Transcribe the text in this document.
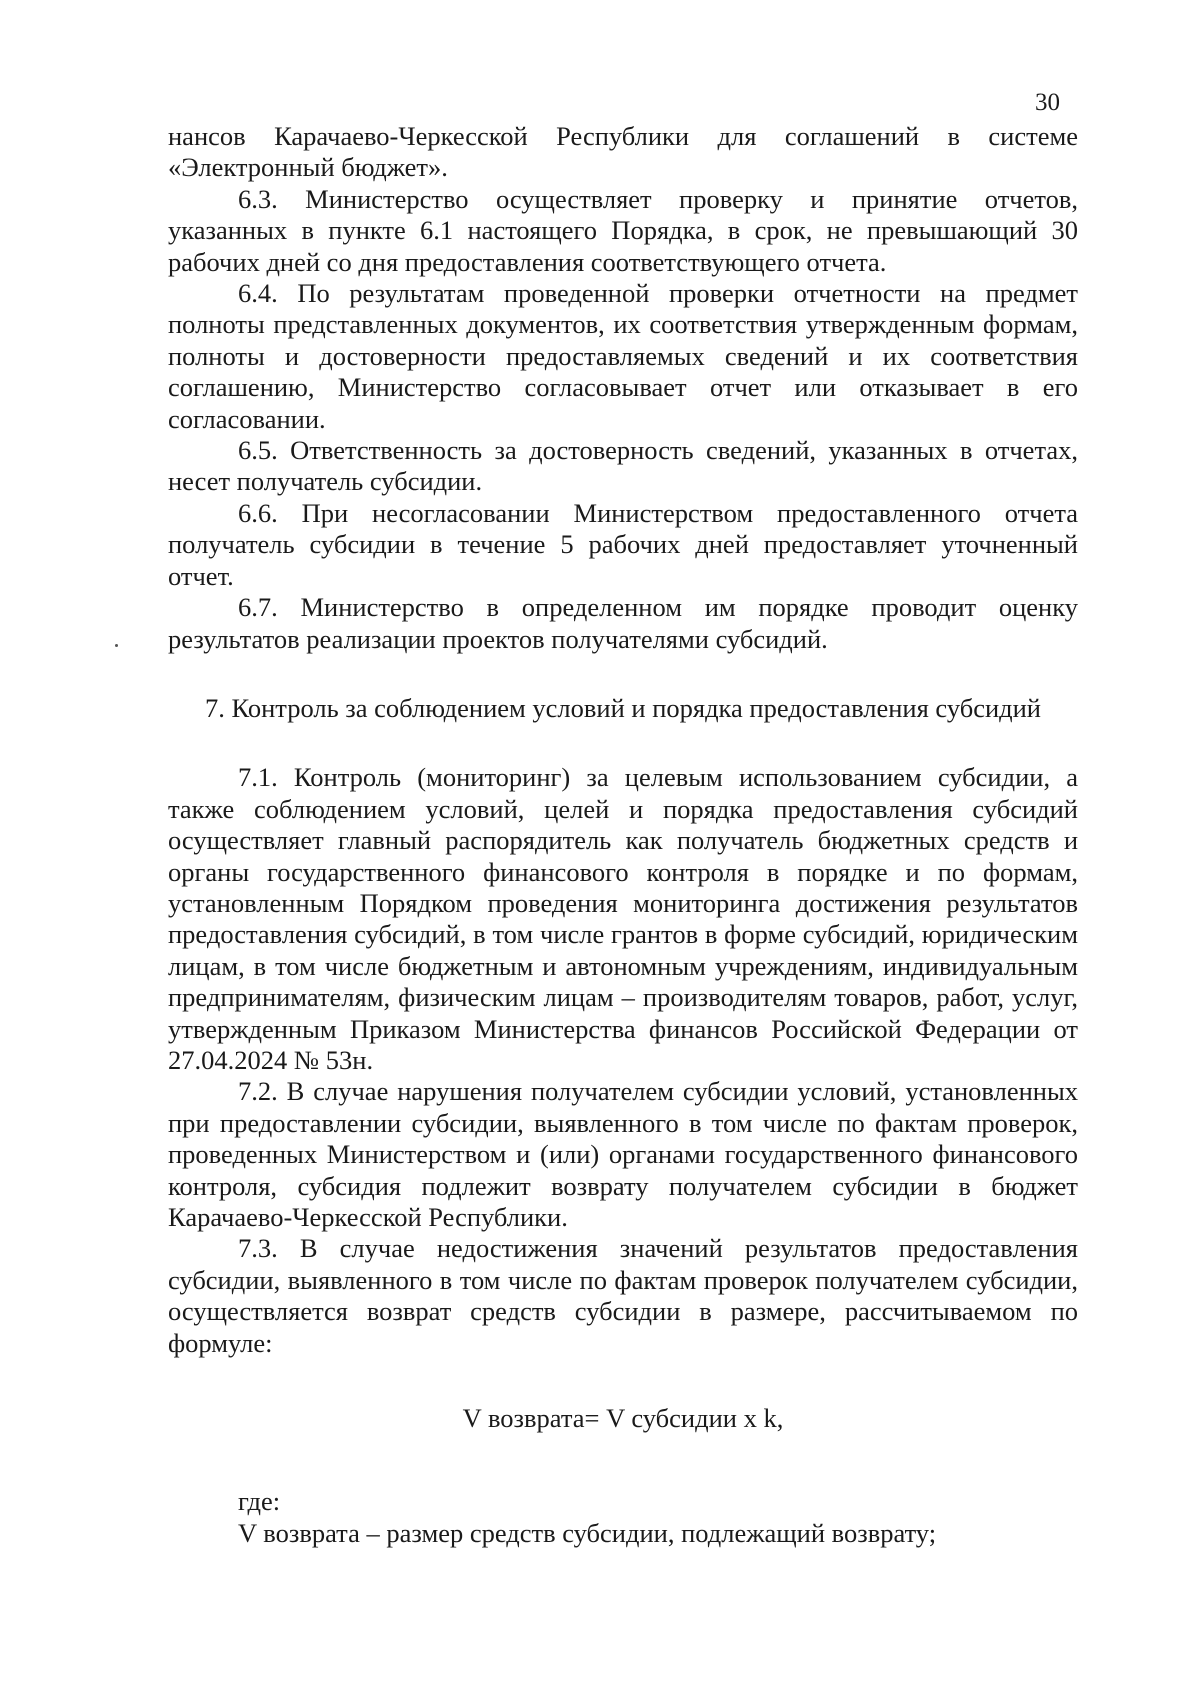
30

нансов Карачаево-Черкесской Республики для соглашений в системе «Электронный бюджет».

6.3. Министерство осуществляет проверку и принятие отчетов, указанных в пункте 6.1 настоящего Порядка, в срок, не превышающий 30 рабочих дней со дня предоставления соответствующего отчета.

6.4. По результатам проведенной проверки отчетности на предмет полноты представленных документов, их соответствия утвержденным формам, полноты и достоверности предоставляемых сведений и их соответствия соглашению, Министерство согласовывает отчет или отказывает в его согласовании.

6.5. Ответственность за достоверность сведений, указанных в отчетах, несет получатель субсидии.

6.6. При несогласовании Министерством предоставленного отчета получатель субсидии в течение 5 рабочих дней предоставляет уточненный отчет.

6.7. Министерство в определенном им порядке проводит оценку результатов реализации проектов получателями субсидий.

7. Контроль за соблюдением условий и порядка предоставления субсидий

7.1. Контроль (мониторинг) за целевым использованием субсидии, а также соблюдением условий, целей и порядка предоставления субсидий осуществляет главный распорядитель как получатель бюджетных средств и органы государственного финансового контроля в порядке и по формам, установленным Порядком проведения мониторинга достижения результатов предоставления субсидий, в том числе грантов в форме субсидий, юридическим лицам, в том числе бюджетным и автономным учреждениям, индивидуальным предпринимателям, физическим лицам – производителям товаров, работ, услуг, утвержденным Приказом Министерства финансов Российской Федерации от 27.04.2024 № 53н.

7.2. В случае нарушения получателем субсидии условий, установленных при предоставлении субсидии, выявленного в том числе по фактам проверок, проведенных Министерством и (или) органами государственного финансового контроля, субсидия подлежит возврату получателем субсидии в бюджет Карачаево-Черкесской Республики.

7.3. В случае недостижения значений результатов предоставления субсидии, выявленного в том числе по фактам проверок получателем субсидии, осуществляется возврат средств субсидии в размере, рассчитываемом по формуле:

V возврата= V субсидии x k,

где:

V возврата – размер средств субсидии, подлежащий возврату;
